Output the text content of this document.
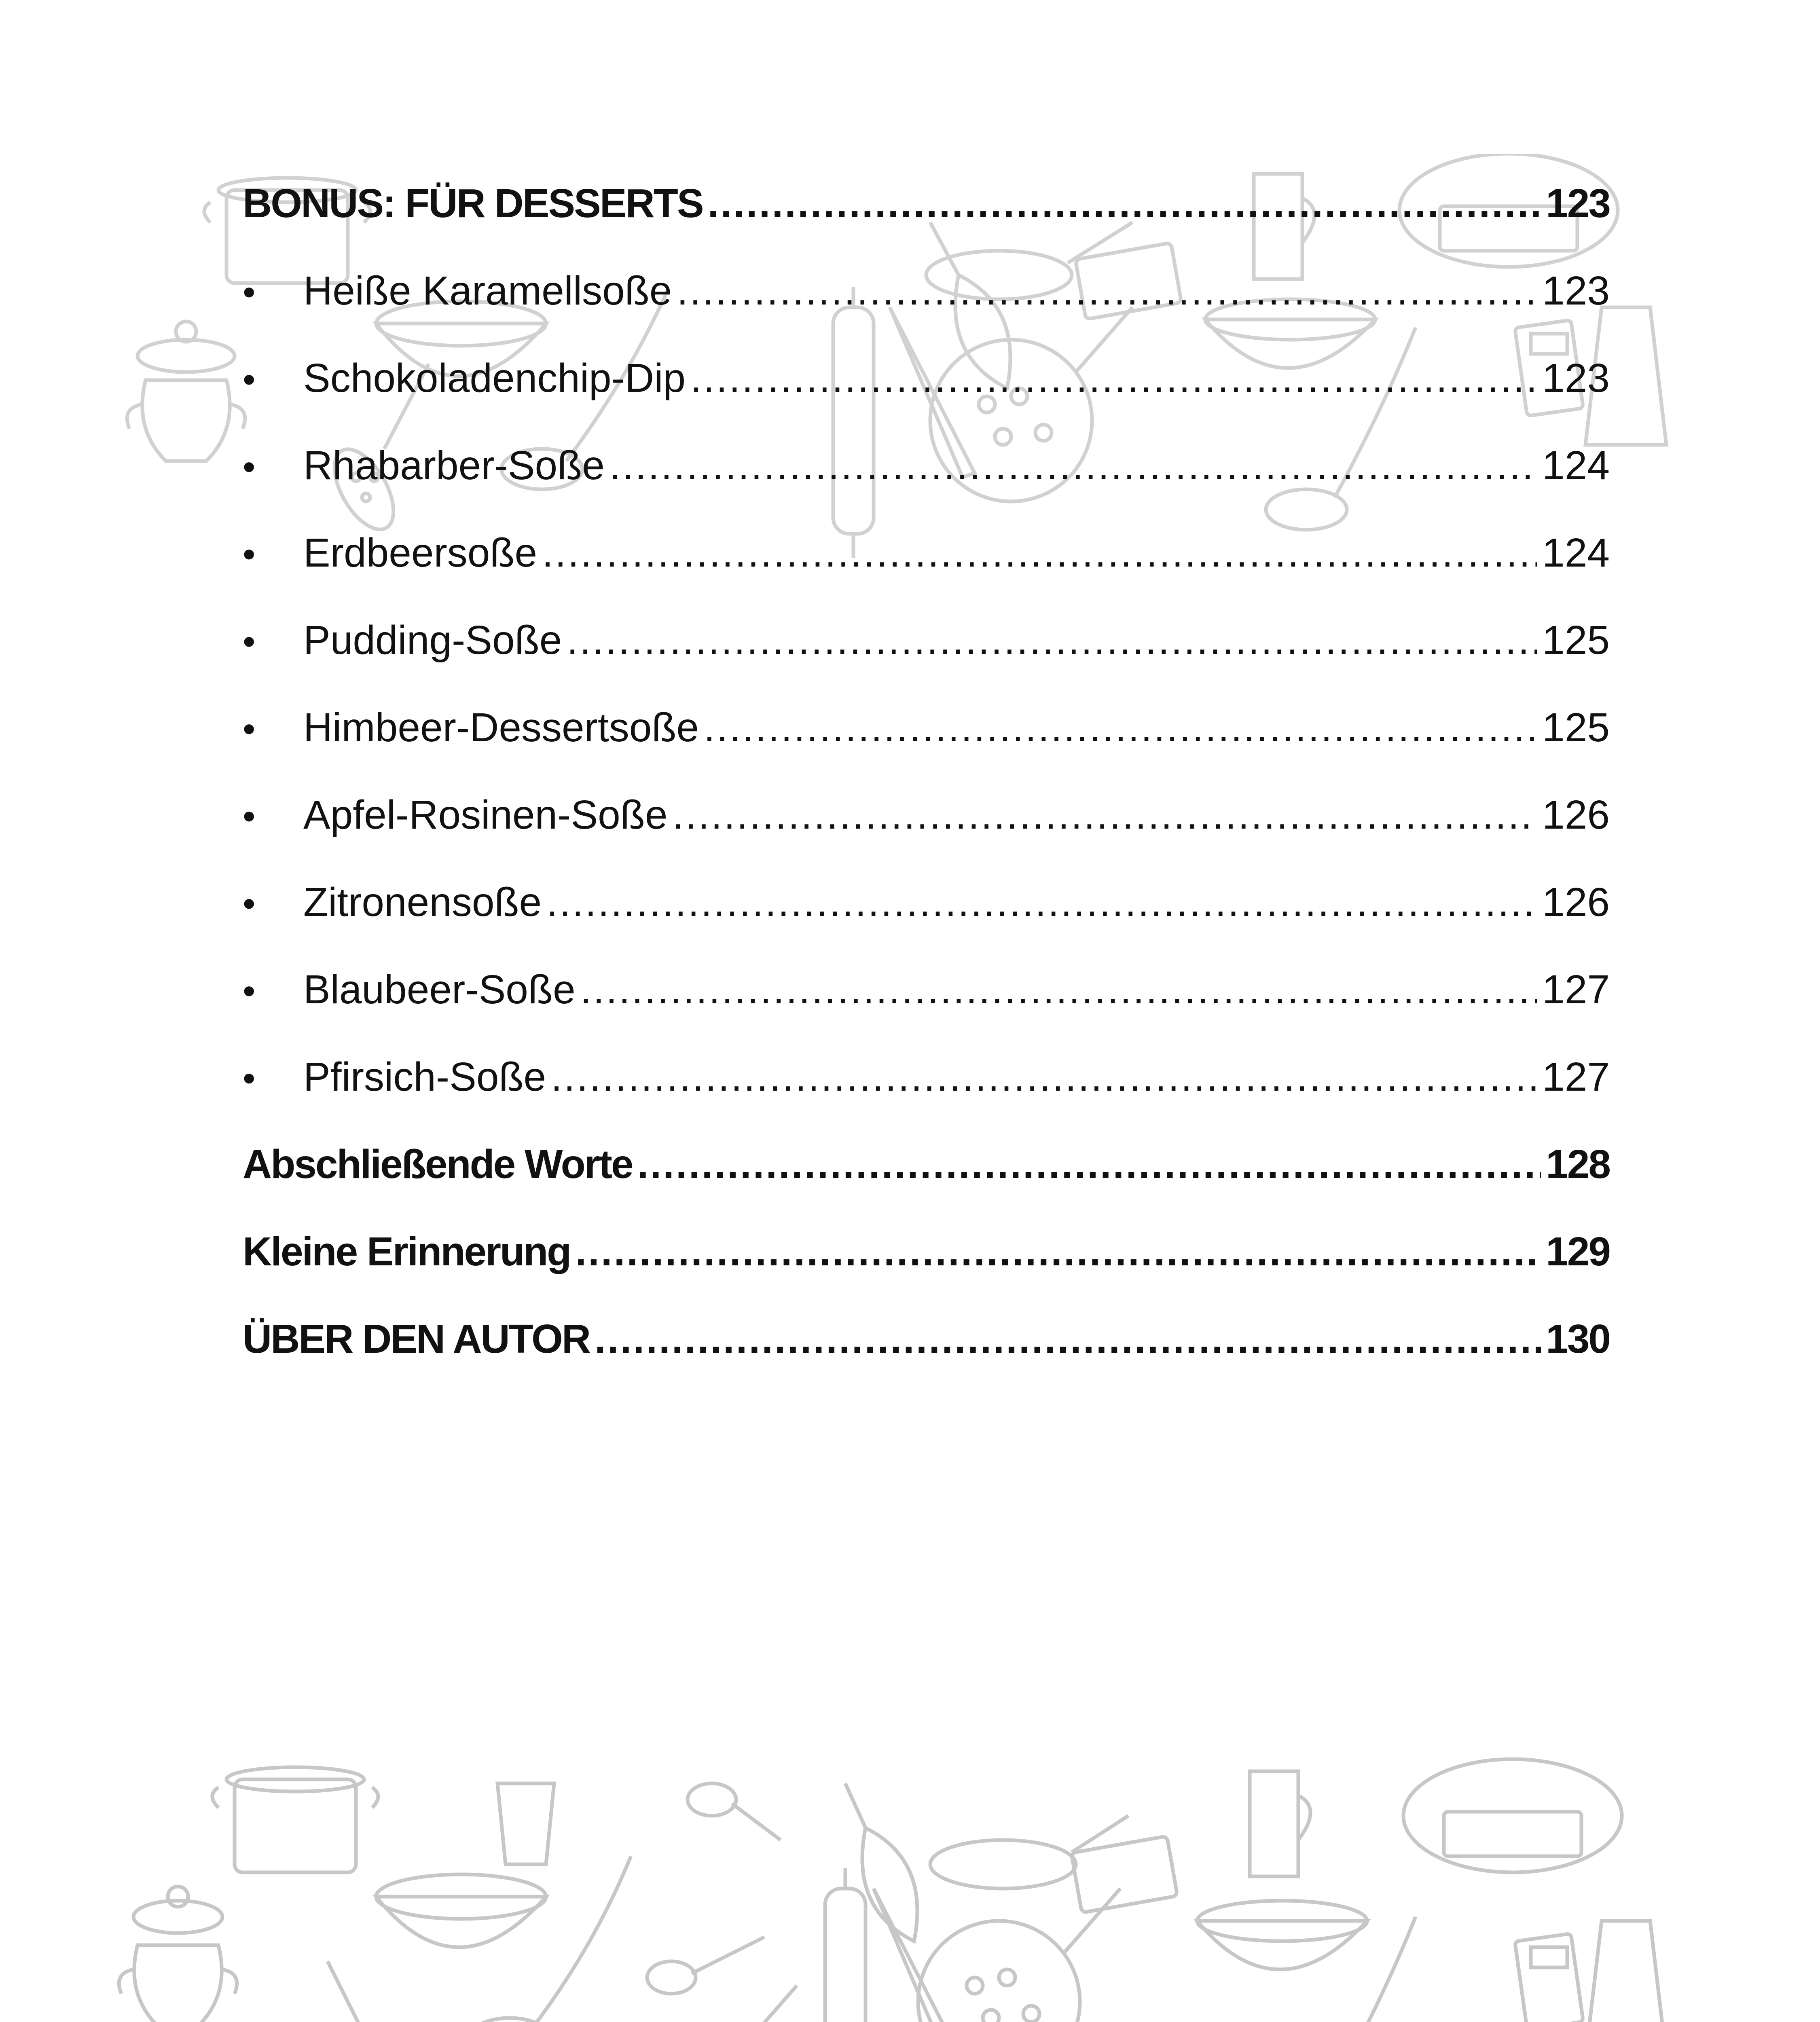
BONUS: FÜR DESSERTS .....	123
•	Heiße Karamellsoße .....	123
•	Schokoladenchip-Dip .....	123
•	Rhabarber-Soße .....	124
•	Erdbeersoße .....	124
•	Pudding-Soße .....	125
•	Himbeer-Dessertsoße .....	125
•	Apfel-Rosinen-Soße .....	126
•	Zitronensoße .....	126
•	Blaubeer-Soße .....	127
•	Pfirsich-Soße .....	127
Abschließende Worte .....	128
Kleine Erinnerung .....	129
ÜBER DEN AUTOR .....	130
